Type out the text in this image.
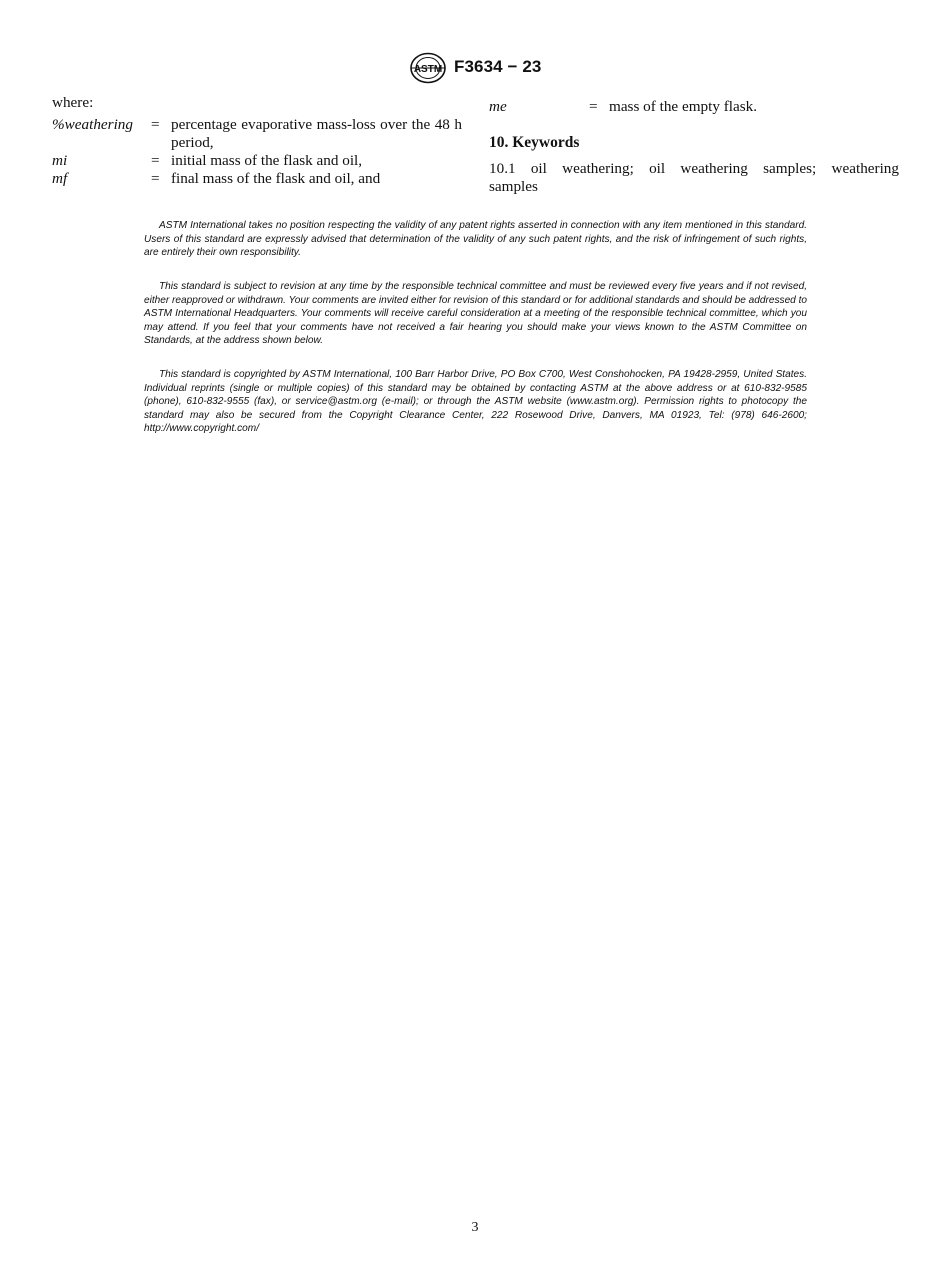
ASTM F3634 − 23
where:
%weathering	= percentage evaporative mass-loss over the 48 h period,
mi	= initial mass of the flask and oil,
mf	= final mass of the flask and oil, and
me	= mass of the empty flask.
10. Keywords
10.1 oil weathering; oil weathering samples; weathering
samples
ASTM International takes no position respecting the validity of any patent rights asserted in connection with any item mentioned in this standard. Users of this standard are expressly advised that determination of the validity of any such patent rights, and the risk of infringement of such rights, are entirely their own responsibility.
This standard is subject to revision at any time by the responsible technical committee and must be reviewed every five years and if not revised, either reapproved or withdrawn. Your comments are invited either for revision of this standard or for additional standards and should be addressed to ASTM International Headquarters. Your comments will receive careful consideration at a meeting of the responsible technical committee, which you may attend. If you feel that your comments have not received a fair hearing you should make your views known to the ASTM Committee on Standards, at the address shown below.
This standard is copyrighted by ASTM International, 100 Barr Harbor Drive, PO Box C700, West Conshohocken, PA 19428-2959, United States. Individual reprints (single or multiple copies) of this standard may be obtained by contacting ASTM at the above address or at 610-832-9585 (phone), 610-832-9555 (fax), or service@astm.org (e-mail); or through the ASTM website (www.astm.org). Permission rights to photocopy the standard may also be secured from the Copyright Clearance Center, 222 Rosewood Drive, Danvers, MA 01923, Tel: (978) 646-2600; http://www.copyright.com/
3
